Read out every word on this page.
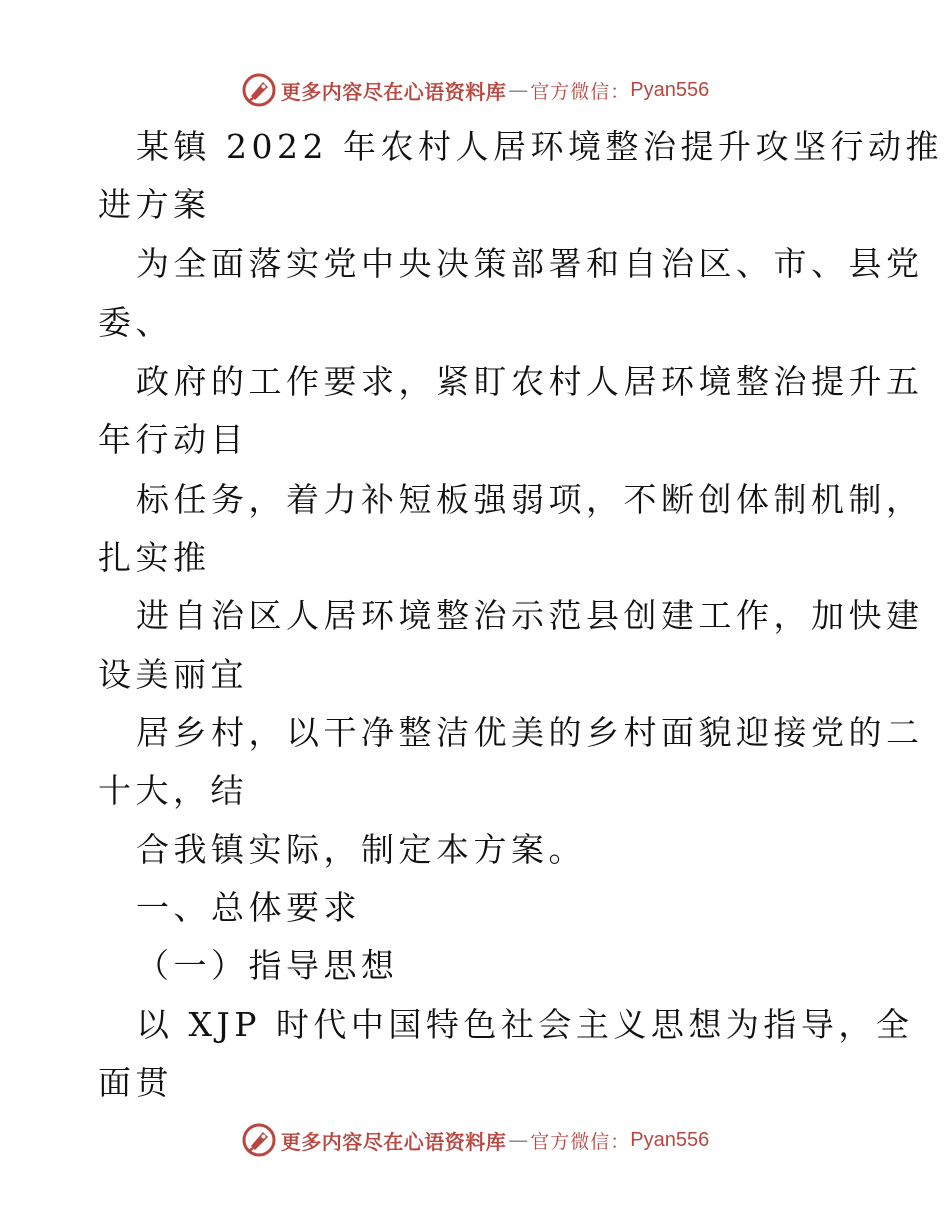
更多内容尽在心语资料库 — 官方微信： Pyan556
某镇 2022 年农村人居环境整治提升攻坚行动推
进方案
为全面落实党中央决策部署和自治区、市、县党
委、
政府的工作要求，紧盯农村人居环境整治提升五
年行动目
标任务，着力补短板强弱项，不断创体制机制，
扎实推
进自治区人居环境整治示范县创建工作，加快建
设美丽宜
居乡村，以干净整洁优美的乡村面貌迎接党的二
十大，结
合我镇实际，制定本方案。
一、总体要求
（一）指导思想
以 XJP 时代中国特色社会主义思想为指导，全
面贯
更多内容尽在心语资料库 — 官方微信： Pyan556
